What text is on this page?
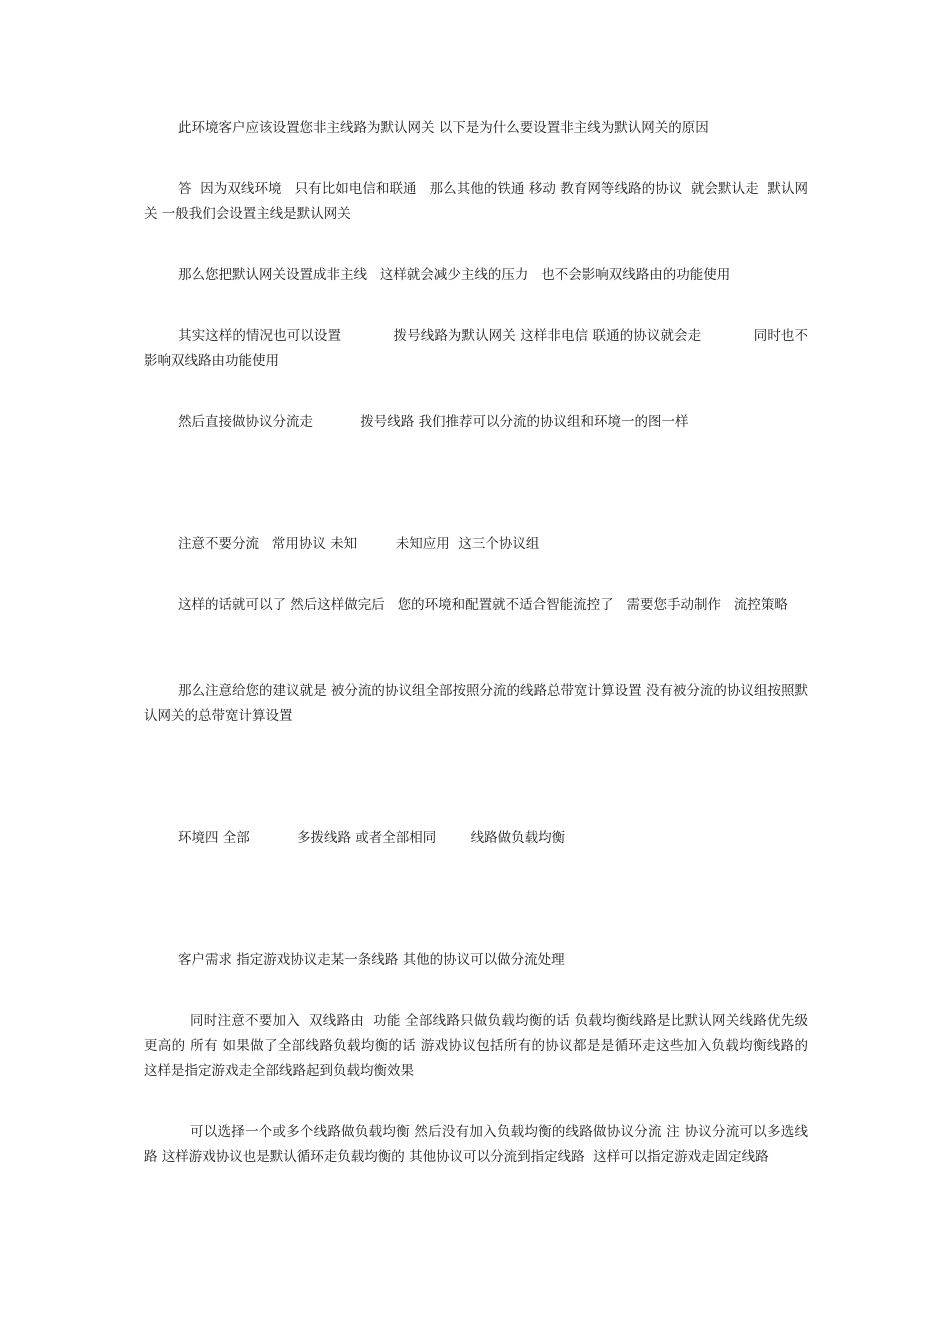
此环境客户应该设置您非主线路为默认网关 以下是为什么要设置非主线为默认网关的原因

答  因为双线环境   只有比如电信和联通   那么其他的铁通 移动 教育网等线路的协议  就会默认走  默认网关 一般我们会设置主线是默认网关

那么您把默认网关设置成非主线   这样就会减少主线的压力   也不会影响双线路由的功能使用

其实这样的情况也可以设置            拨号线路为默认网关 这样非电信 联通的协议就会走            同时也不影响双线路由功能使用

然后直接做协议分流走           拨号线路 我们推荐可以分流的协议组和环境一的图一样

注意不要分流   常用协议 未知         未知应用  这三个协议组

这样的话就可以了 然后这样做完后   您的环境和配置就不适合智能流控了   需要您手动制作   流控策略

那么注意给您的建议就是 被分流的协议组全部按照分流的线路总带宽计算设置 没有被分流的协议组按照默认网关的总带宽计算设置

环境四 全部           多拨线路 或者全部相同        线路做负载均衡

客户需求 指定游戏协议走某一条线路 其他的协议可以做分流处理

同时注意不要加入  双线路由  功能 全部线路只做负载均衡的话 负载均衡线路是比默认网关线路优先级更高的 所有 如果做了全部线路负载均衡的话 游戏协议包括所有的协议都是是循环走这些加入负载均衡线路的  这样是指定游戏走全部线路起到负载均衡效果

可以选择一个或多个线路做负载均衡 然后没有加入负载均衡的线路做协议分流 注 协议分流可以多选线路 这样游戏协议也是默认循环走负载均衡的 其他协议可以分流到指定线路  这样可以指定游戏走固定线路
